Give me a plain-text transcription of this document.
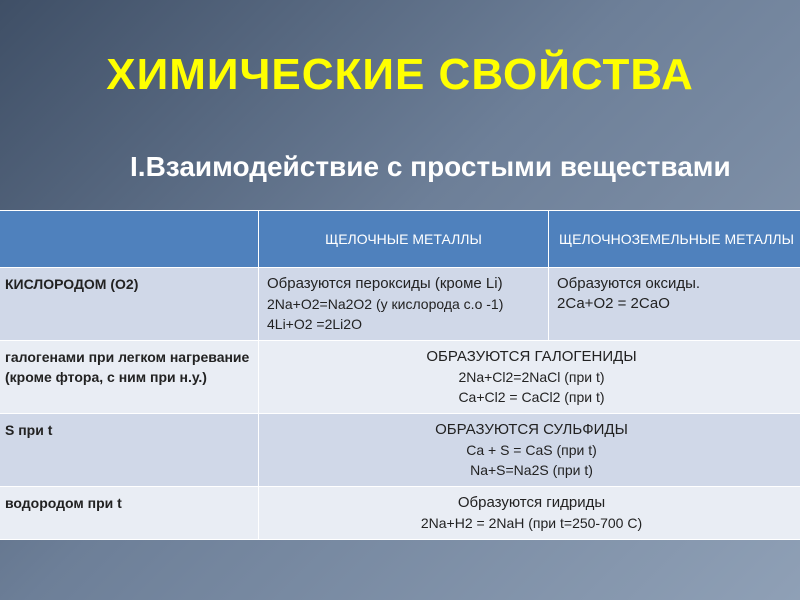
ХИМИЧЕСКИЕ СВОЙСТВА
I.Взаимодействие с простыми веществами
	ЩЕЛОЧНЫЕ МЕТАЛЛЫ	ЩЕЛОЧНОЗЕМЕЛЬНЫЕ МЕТАЛЛЫ
КИСЛОРОДОМ (О2)	Образуются пероксиды (кроме Li)
2Na+O2=Na2O2 (у кислорода с.о -1)
4Li+O2 =2Li2O	Образуются оксиды.
2Са+О2 = 2СаО

галогенами при легком нагревание (кроме фтора, с ним при н.у.)	ОБРАЗУЮТСЯ ГАЛОГЕНИДЫ
2Na+Cl2=2NaCl (при t)
Ca+Cl2 = CaCl2 (при t)	

S при t	ОБРАЗУЮТСЯ СУЛЬФИДЫ
Ca + S = CaS (при t)
Na+S=Na2S (при t)	

водородом при t	Образуются гидриды
2Na+H2 = 2NaH (при t=250-700 C)	
